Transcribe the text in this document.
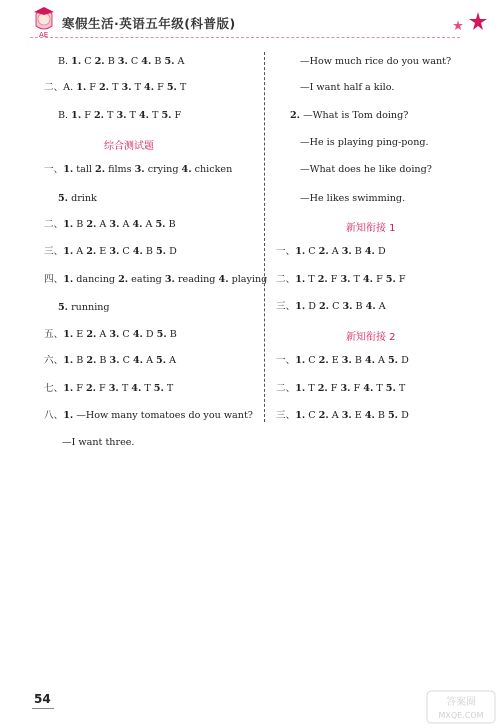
AE
寒假生活·英语五年级(科普版)
B. 1. C 2. B 3. C 4. B 5. A
二、A. 1. F 2. T 3. T 4. F 5. T
B. 1. F 2. T 3. T 4. T 5. F
综合测试题
一、1. tall 2. films 3. crying 4. chicken
5. drink
二、1. B 2. A 3. A 4. A 5. B
三、1. A 2. E 3. C 4. B 5. D
四、1. dancing 2. eating 3. reading 4. playing
5. running
五、1. E 2. A 3. C 4. D 5. B
六、1. B 2. B 3. C 4. A 5. A
七、1. F 2. F 3. T 4. T 5. T
八、1. —How many tomatoes do you want?
—I want three.
—How much rice do you want?
—I want half a kilo.
2. —What is Tom doing?
—He is playing ping-pong.
—What does he like doing?
—He likes swimming.
新知衔接 1
一、1. C 2. A 3. B 4. D
二、1. T 2. F 3. T 4. F 5. F
三、1. D 2. C 3. B 4. A
新知衔接 2
一、1. C 2. E 3. B 4. A 5. D
二、1. T 2. F 3. F 4. T 5. T
三、1. C 2. A 3. E 4. B 5. D
54	答案圈
MXQE.COM
